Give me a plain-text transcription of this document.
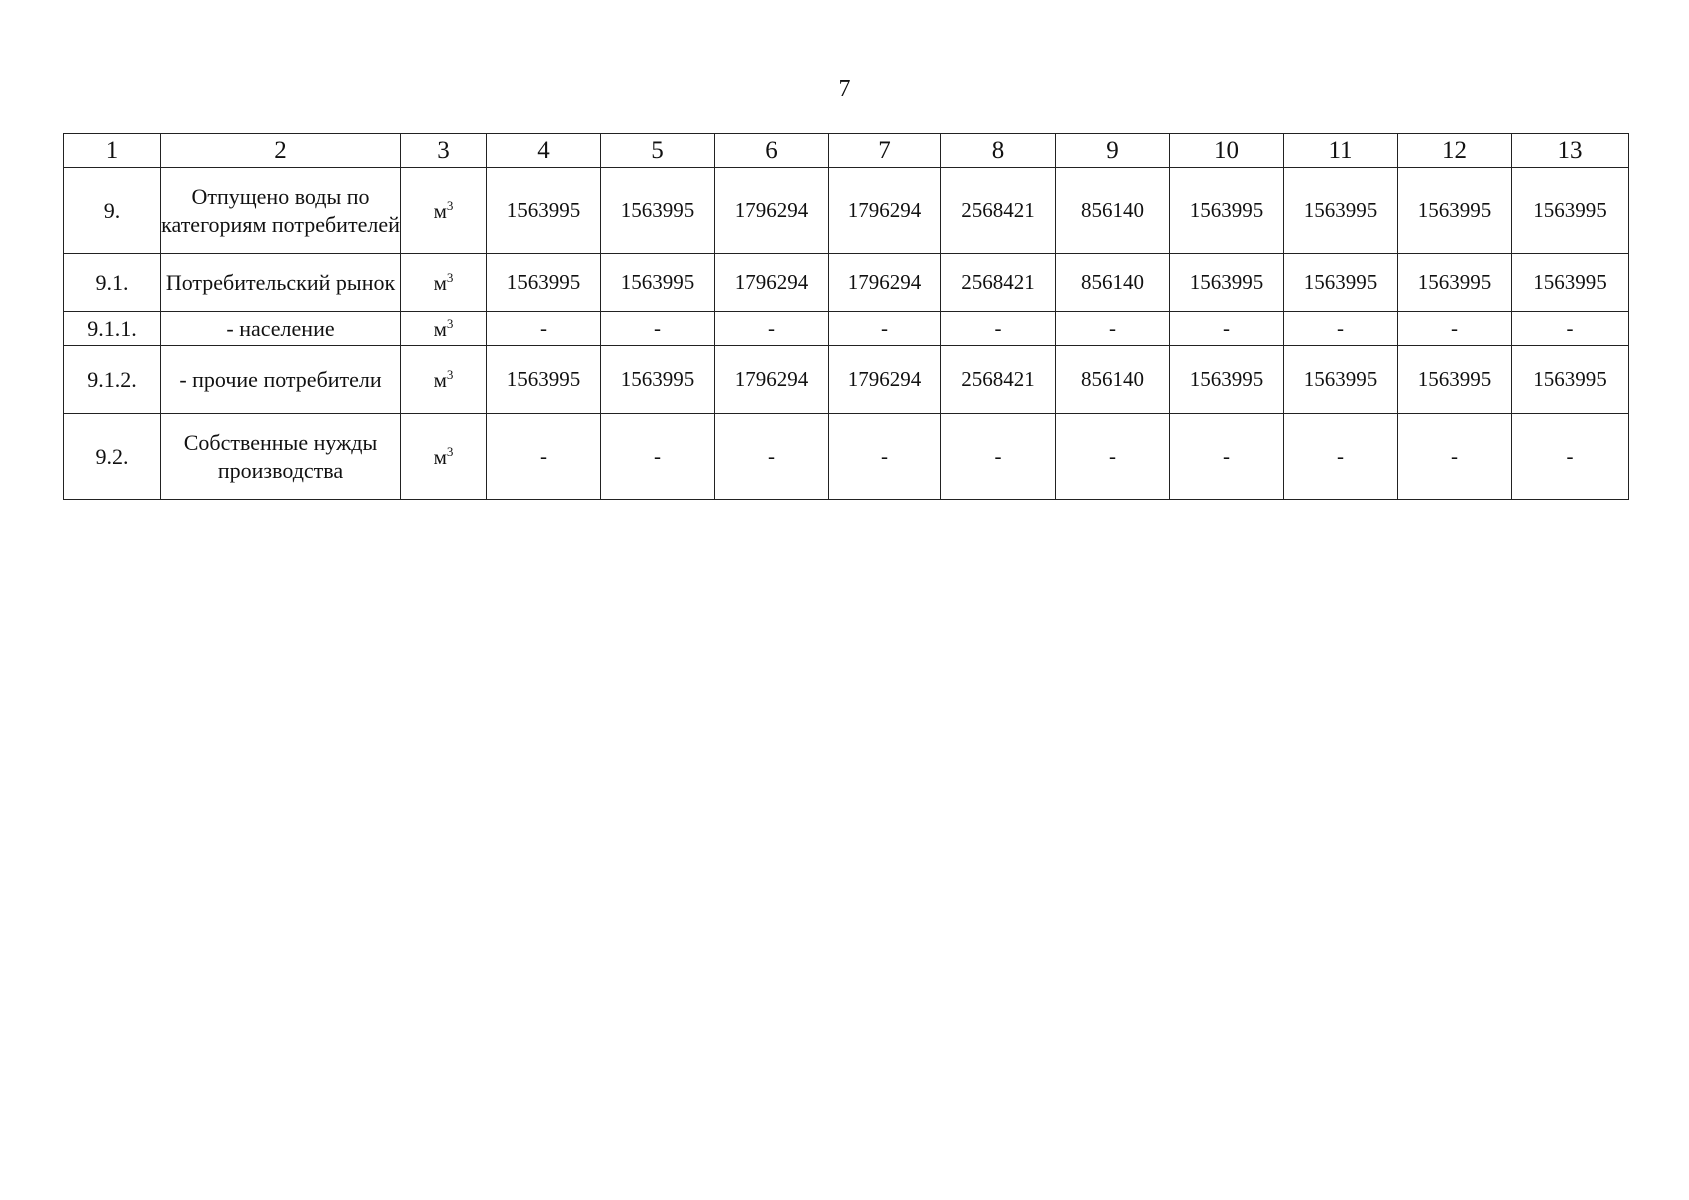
7
1	2	3	4	5	6	7	8	9	10	11	12	13
9.	Отпущено воды по категориям потребителей	$м^3$	1563995	1563995	1796294	1796294	2568421	856140	1563995	1563995	1563995	1563995
9.1.	Потребительский рынок	$м^3$	1563995	1563995	1796294	1796294	2568421	856140	1563995	1563995	1563995	1563995
9.1.1.	- население	$м^3$	-	-	-	-	-	-	-	-	-	-
9.1.2.	- прочие потребители	$м^3$	1563995	1563995	1796294	1796294	2568421	856140	1563995	1563995	1563995	1563995
9.2.	Собственные нужды производства	$м^3$	-	-	-	-	-	-	-	-	-	-
